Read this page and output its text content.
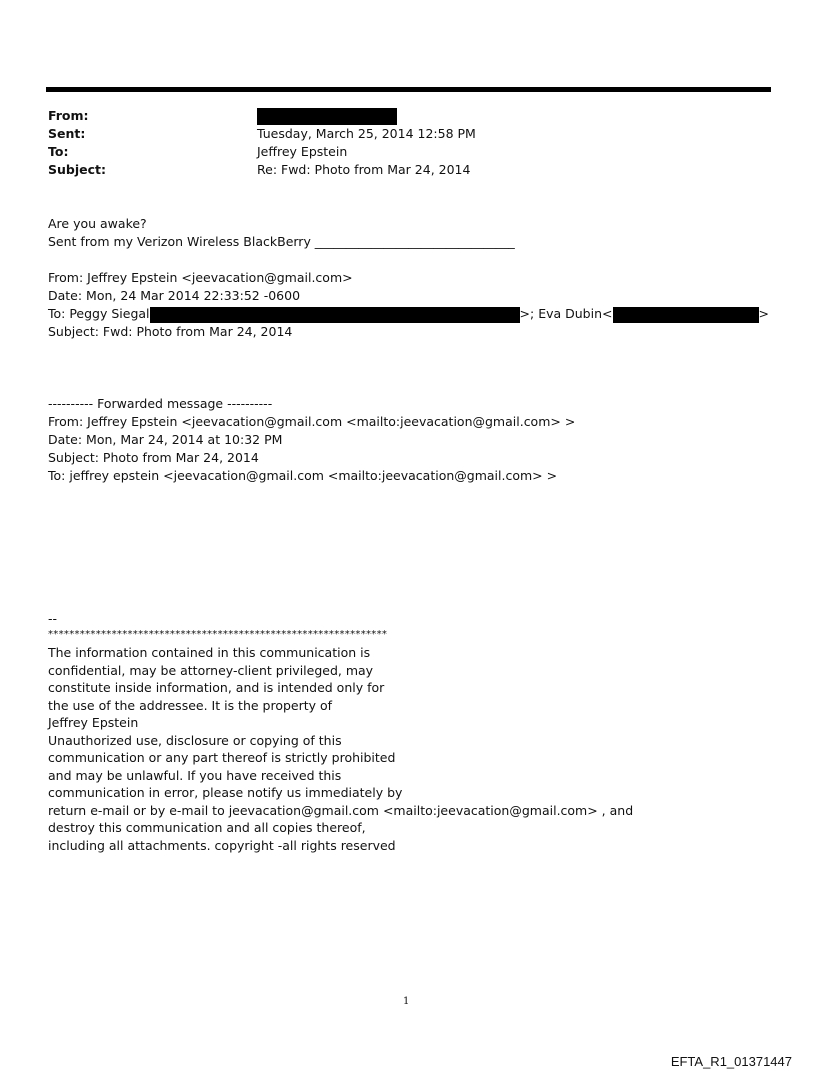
From:
Sent:	Tuesday, March 25, 2014 12:58 PM
To:	Jeffrey Epstein
Subject:	Re: Fwd: Photo from Mar 24, 2014
Are you awake?
Sent from my Verizon Wireless BlackBerry ________________________________
From: Jeffrey Epstein <jeevacation@gmail.com>
Date: Mon, 24 Mar 2014 22:33:52 -0600
To: Peggy Siegal	>; Eva Dubin<	>
Subject: Fwd: Photo from Mar 24, 2014
---------- Forwarded message ----------
From: Jeffrey Epstein <jeevacation@gmail.com <mailto:jeevacation@gmail.com> >
Date: Mon, Mar 24, 2014 at 10:32 PM
Subject: Photo from Mar 24, 2014
To: jeffrey epstein <jeevacation@gmail.com <mailto:jeevacation@gmail.com> >
--
****************************************************************
The information contained in this communication is
confidential, may be attorney-client privileged, may
constitute inside information, and is intended only for
the use of the addressee. It is the property of
Jeffrey Epstein
Unauthorized use, disclosure or copying of this
communication or any part thereof is strictly prohibited
and may be unlawful. If you have received this
communication in error, please notify us immediately by
return e-mail or by e-mail to jeevacation@gmail.com <mailto:jeevacation@gmail.com> , and
destroy this communication and all copies thereof,
including all attachments. copyright -all rights reserved
1
EFTA_R1_01371447
